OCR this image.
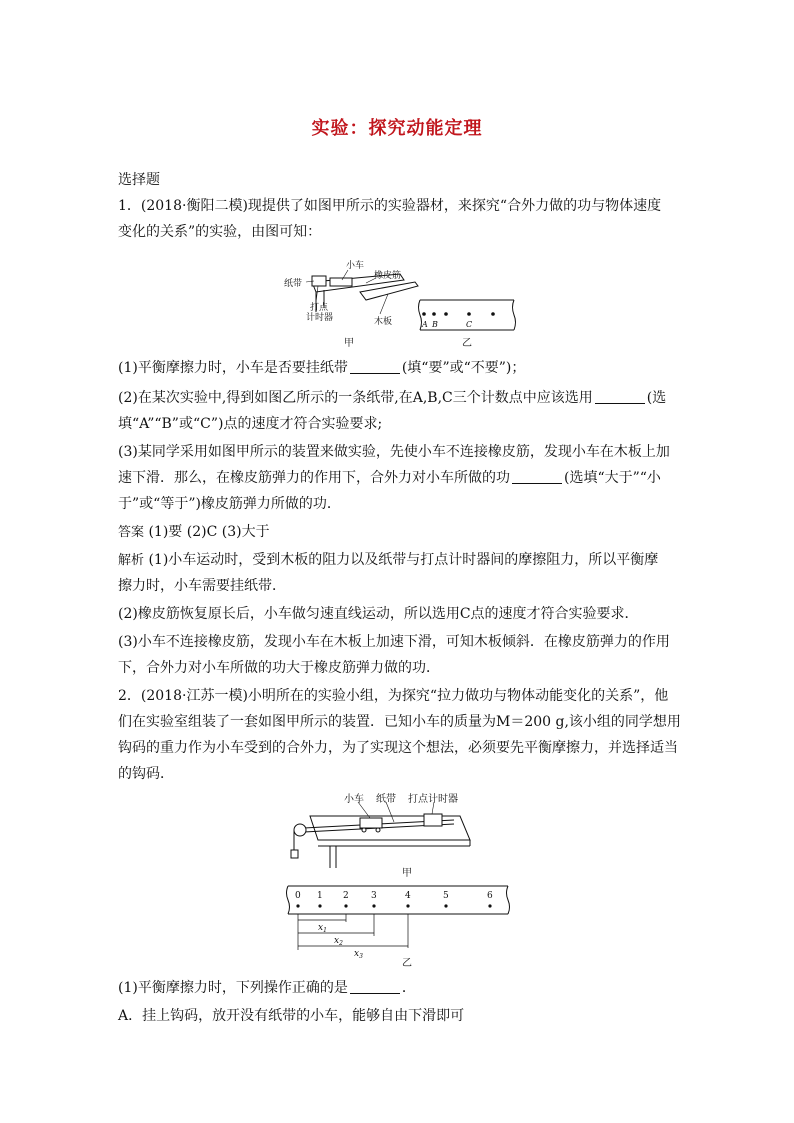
实验：探究动能定理
选择题
1．(2018·衡阳二模)现提供了如图甲所示的实验器材，来探究“合外力做的功与物体速度
变化的关系”的实验，由图可知：
纸带
小车
橡皮筋
打点
计时器	木板
甲
A B	C
乙
(1)平衡摩擦力时，小车是否要挂纸带	(填“要”或“不要”)；
(2)在某次实验中,得到如图乙所示的一条纸带,在A,B,C三个计数点中应该选用	(选
填“A”“B”或“C”)点的速度才符合实验要求;
(3)某同学采用如图甲所示的装置来做实验，先使小车不连接橡皮筋，发现小车在木板上加
速下滑．那么，在橡皮筋弹力的作用下，合外力对小车所做的功	(选填“大于”“小
于”或“等于”)橡皮筋弹力所做的功．
答案 (1)要 (2)C (3)大于
解析 (1)小车运动时，受到木板的阻力以及纸带与打点计时器间的摩擦阻力，所以平衡摩
擦力时，小车需要挂纸带．
(2)橡皮筋恢复原长后，小车做匀速直线运动，所以选用C点的速度才符合实验要求．
(3)小车不连接橡皮筋，发现小车在木板上加速下滑，可知木板倾斜．在橡皮筋弹力的作用
下，合外力对小车所做的功大于橡皮筋弹力做的功．
2．(2018·江苏一模)小明所在的实验小组，为探究“拉力做功与物体动能变化的关系”，他
们在实验室组装了一套如图甲所示的装置．已知小车的质量为M＝200 g,该小组的同学想用
钩码的重力作为小车受到的合外力，为了实现这个想法，必须要先平衡摩擦力，并选择适当
的钩码．
小车 纸带 打点计时器
甲
0 1 2 3	4	5	6
$x_1$
$x_2$
$x_3$
乙
(1)平衡摩擦力时，下列操作正确的是	．
A．挂上钩码，放开没有纸带的小车，能够自由下滑即可
